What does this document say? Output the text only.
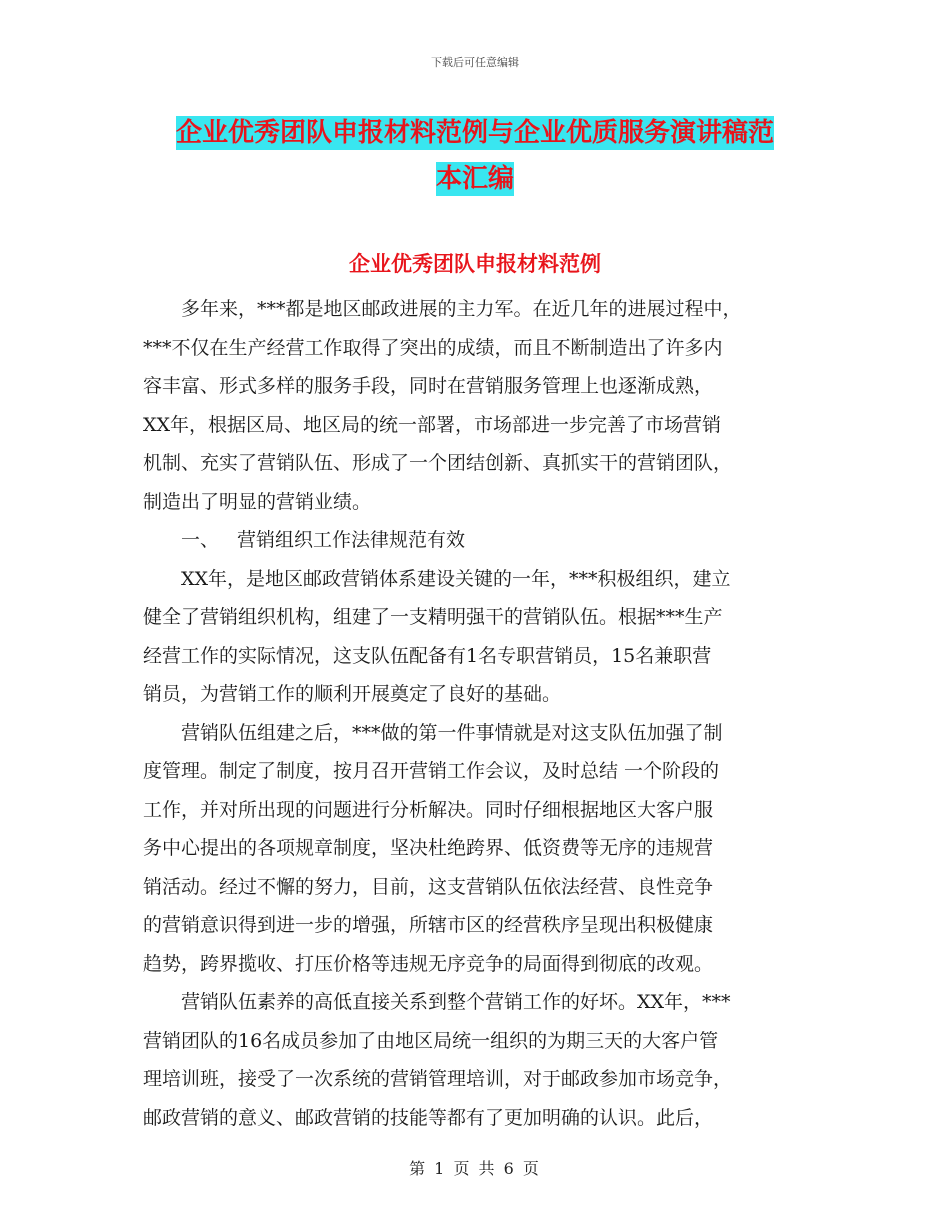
下载后可任意编辑
企业优秀团队申报材料范例与企业优质服务演讲稿范
本汇编
企业优秀团队申报材料范例

多年来，***都是地区邮政进展的主力军。在近几年的进展过程中，

***不仅在生产经营工作取得了突出的成绩，而且不断制造出了许多内

容丰富、形式多样的服务手段，同时在营销服务管理上也逐渐成熟，

XX年，根据区局、地区局的统一部署，市场部进一步完善了市场营销

机制、充实了营销队伍、形成了一个团结创新、真抓实干的营销团队，

制造出了明显的营销业绩。

一、 营销组织工作法律规范有效

XX年，是地区邮政营销体系建设关键的一年，***积极组织，建立

健全了营销组织机构，组建了一支精明强干的营销队伍。根据***生产

经营工作的实际情况，这支队伍配备有1名专职营销员，15名兼职营

销员，为营销工作的顺利开展奠定了良好的基础。

营销队伍组建之后，***做的第一件事情就是对这支队伍加强了制

度管理。制定了制度，按月召开营销工作会议，及时总结 一个阶段的

工作，并对所出现的问题进行分析解决。同时仔细根据地区大客户服

务中心提出的各项规章制度，坚决杜绝跨界、低资费等无序的违规营

销活动。经过不懈的努力，目前，这支营销队伍依法经营、良性竞争

的营销意识得到进一步的增强，所辖市区的经营秩序呈现出积极健康

趋势，跨界揽收、打压价格等违规无序竞争的局面得到彻底的改观。

营销队伍素养的高低直接关系到整个营销工作的好坏。XX年，***

营销团队的16名成员参加了由地区局统一组织的为期三天的大客户管

理培训班，接受了一次系统的营销管理培训，对于邮政参加市场竞争，

邮政营销的意义、邮政营销的技能等都有了更加明确的认识。此后，

第 1 页 共 6 页
